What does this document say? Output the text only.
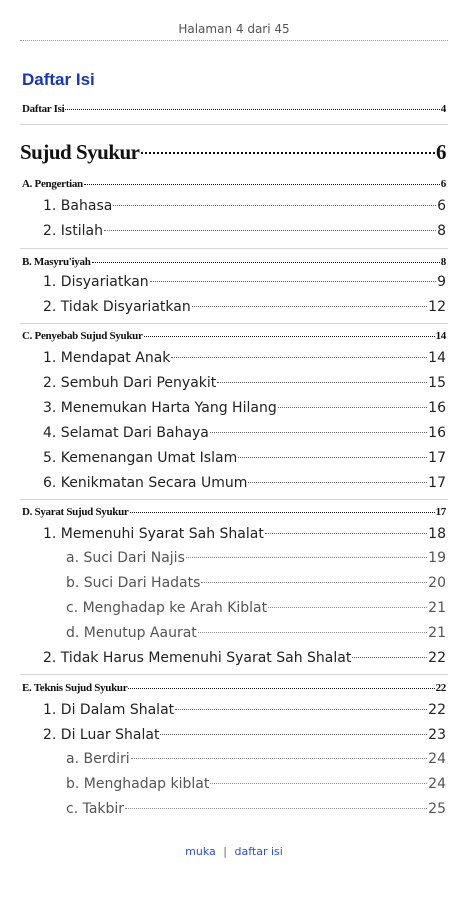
Halaman 4 dari 45
Daftar Isi
Daftar Isi	4
Sujud Syukur	6
A. Pengertian	6
1. Bahasa	6
2. Istilah	8
B. Masyru'iyah	8
1. Disyariatkan	9
2. Tidak Disyariatkan	12
C. Penyebab Sujud Syukur	14
1. Mendapat Anak	14
2. Sembuh Dari Penyakit	15
3. Menemukan Harta Yang Hilang	16
4. Selamat Dari Bahaya	16
5. Kemenangan Umat Islam	17
6. Kenikmatan Secara Umum	17
D. Syarat Sujud Syukur	17
1. Memenuhi Syarat Sah Shalat	18
a. Suci Dari Najis	19
b. Suci Dari Hadats	20
c. Menghadap ke Arah Kiblat	21
d. Menutup Aaurat	21
2. Tidak Harus Memenuhi Syarat Sah Shalat	22
E. Teknis Sujud Syukur	22
1. Di Dalam Shalat	22
2. Di Luar Shalat	23
a. Berdiri	24
b. Menghadap kiblat	24
c. Takbir	25
muka | daftar isi
